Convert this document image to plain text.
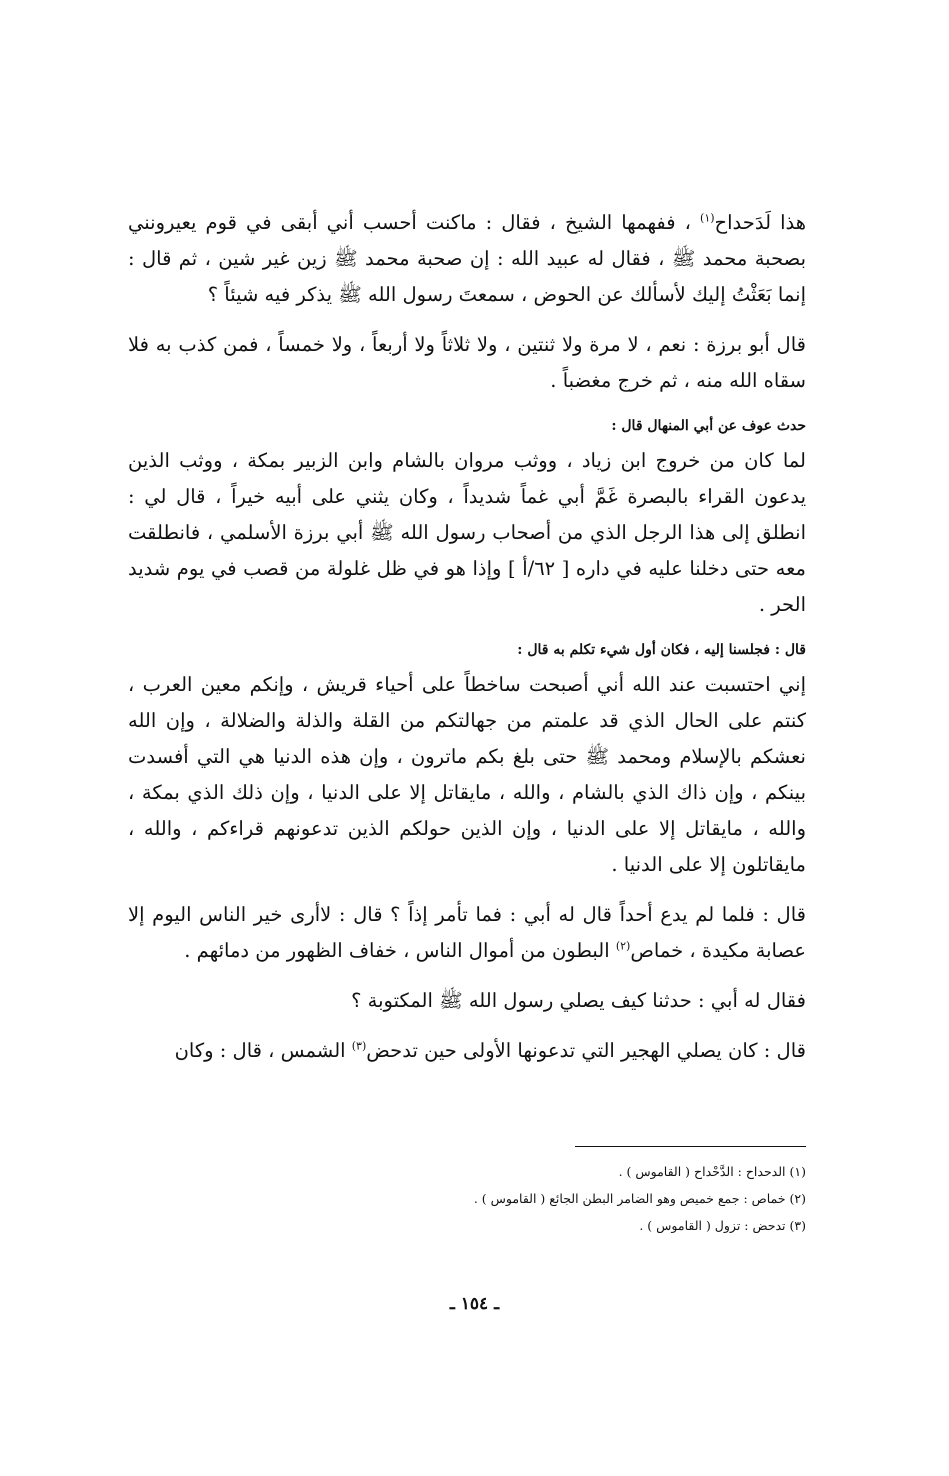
هذا لَدَحداح$^{(١)}$ ، ففهمها الشيخ ، فقال : ماكنت أحسب أني أبقى في قوم يعيرونني بصحبة محمد ﷺ ، فقال له عبيد الله : إن صحبة محمد ﷺ زين غير شين ، ثم قال : إنما بَعَثْتُ إليك لأسألك عن الحوض ، سمعتَ رسول الله ﷺ يذكر فيه شيئاً ؟

قال أبو برزة : نعم ، لا مرة ولا ثنتين ، ولا ثلاثاً ولا أربعاً ، ولا خمساً ، فمن كذب به فلا سقاه الله منه ، ثم خرج مغضباً .

حدث عوف عن أبي المنهال قال :

لما كان من خروج ابن زياد ، ووثب مروان بالشام وابن الزبير بمكة ، ووثب الذين يدعون القراء بالبصرة غَمَّ أبي غماً شديداً ، وكان يثني على أبيه خيراً ، قال لي : انطلق إلى هذا الرجل الذي من أصحاب رسول الله ﷺ أبي برزة الأسلمي ، فانطلقت معه حتى دخلنا عليه في داره [ ٦٢/أ ] وإذا هو في ظل غلولة من قصب في يوم شديد الحر .

قال : فجلسنا إليه ، فكان أول شيء تكلم به قال :

إني احتسبت عند الله أني أصبحت ساخطاً على أحياء قريش ، وإنكم معين العرب ، كنتم على الحال الذي قد علمتم من جهالتكم من القلة والذلة والضلالة ، وإن الله نعشكم بالإسلام ومحمد ﷺ حتى بلغ بكم ماترون ، وإن هذه الدنيا هي التي أفسدت بينكم ، وإن ذاك الذي بالشام ، والله ، مايقاتل إلا على الدنيا ، وإن ذلك الذي بمكة ، والله ، مايقاتل إلا على الدنيا ، وإن الذين حولكم الذين تدعونهم قراءكم ، والله ، مايقاتلون إلا على الدنيا .

قال : فلما لم يدع أحداً قال له أبي : فما تأمر إذاً ؟ قال : لاأرى خير الناس اليوم إلا عصابة مكيدة ، خماص$^{(٢)}$ البطون من أموال الناس ، خفاف الظهور من دمائهم .

فقال له أبي : حدثنا كيف يصلي رسول الله ﷺ المكتوبة ؟

قال : كان يصلي الهجير التي تدعونها الأولى حين تدحض$^{(٣)}$ الشمس ، قال : وكان

(١) الدحداح : الدَّحْداح ( القاموس ) .
(٢) خماص : جمع خميص وهو الضامر البطن الجائع ( القاموس ) .
(٣) تدحض : تزول ( القاموس ) .
ـ ١٥٤ ـ
